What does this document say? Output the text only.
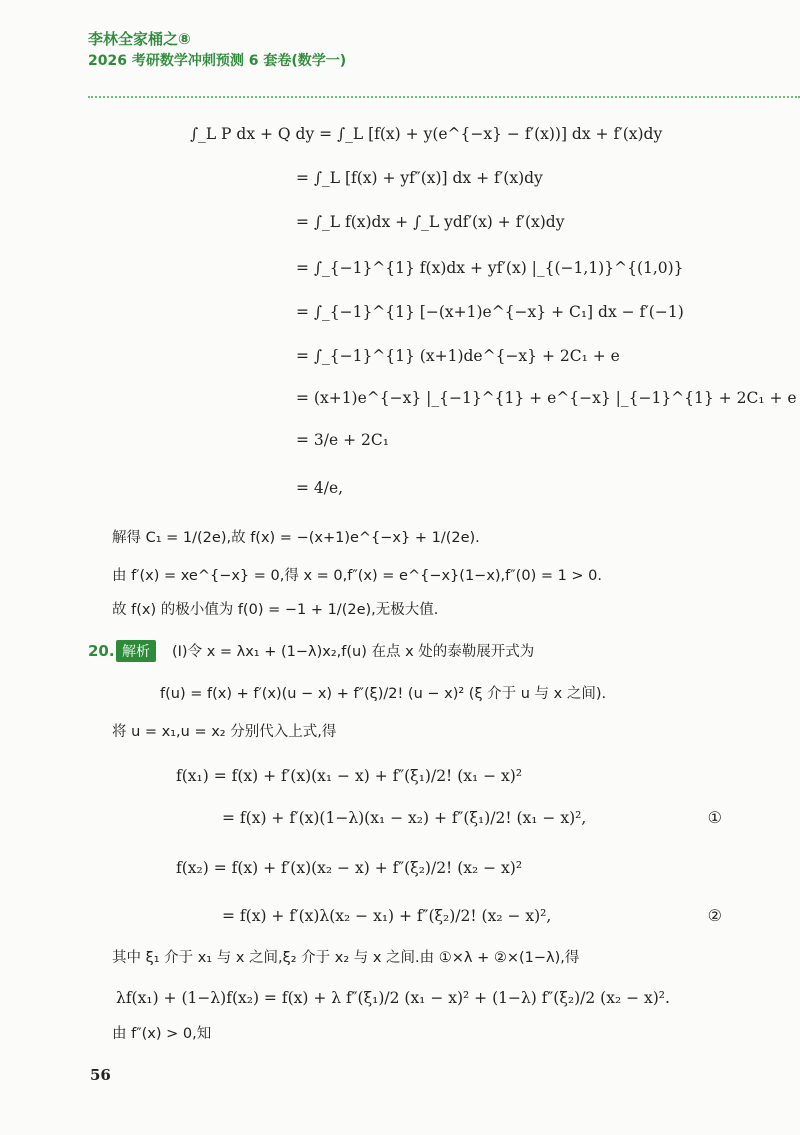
李林全家桶之⑧
2026 考研数学冲刺预测 6 套卷(数学一)
∫_L P dx + Q dy = ∫_L [f(x) + y(e^{−x} − f′(x))] dx + f′(x)dy
= ∫_L [f(x) + yf″(x)] dx + f′(x)dy
= ∫_L f(x)dx + ∫_L ydf′(x) + f′(x)dy
= ∫_{−1}^{1} f(x)dx + yf′(x) |_{(−1,1)}^{(1,0)}
= ∫_{−1}^{1} [−(x+1)e^{−x} + C₁] dx − f′(−1)
= ∫_{−1}^{1} (x+1)de^{−x} + 2C₁ + e
= (x+1)e^{−x} |_{−1}^{1} + e^{−x} |_{−1}^{1} + 2C₁ + e
= 3/e + 2C₁
= 4/e,
解得 C₁ = 1/(2e),故 f(x) = −(x+1)e^{−x} + 1/(2e).
由 f′(x) = xe^{−x} = 0,得 x = 0,f″(x) = e^{−x}(1−x),f″(0) = 1 > 0.
故 f(x) 的极小值为 f(0) = −1 + 1/(2e),无极大值.
20. 解析	(Ⅰ)令 x = λx₁ + (1−λ)x₂,f(u) 在点 x 处的泰勒展开式为
f(u) = f(x) + f′(x)(u − x) + f″(ξ)/2! (u − x)² (ξ 介于 u 与 x 之间).
将 u = x₁,u = x₂ 分别代入上式,得
f(x₁) = f(x) + f′(x)(x₁ − x) + f″(ξ₁)/2! (x₁ − x)²
= f(x) + f′(x)(1−λ)(x₁ − x₂) + f″(ξ₁)/2! (x₁ − x)²,	①
f(x₂) = f(x) + f′(x)(x₂ − x) + f″(ξ₂)/2! (x₂ − x)²
= f(x) + f′(x)λ(x₂ − x₁) + f″(ξ₂)/2! (x₂ − x)²,	②
其中 ξ₁ 介于 x₁ 与 x 之间,ξ₂ 介于 x₂ 与 x 之间.由 ①×λ + ②×(1−λ),得
λf(x₁) + (1−λ)f(x₂) = f(x) + λ f″(ξ₁)/2 (x₁ − x)² + (1−λ) f″(ξ₂)/2 (x₂ − x)².
由 f″(x) > 0,知
56
